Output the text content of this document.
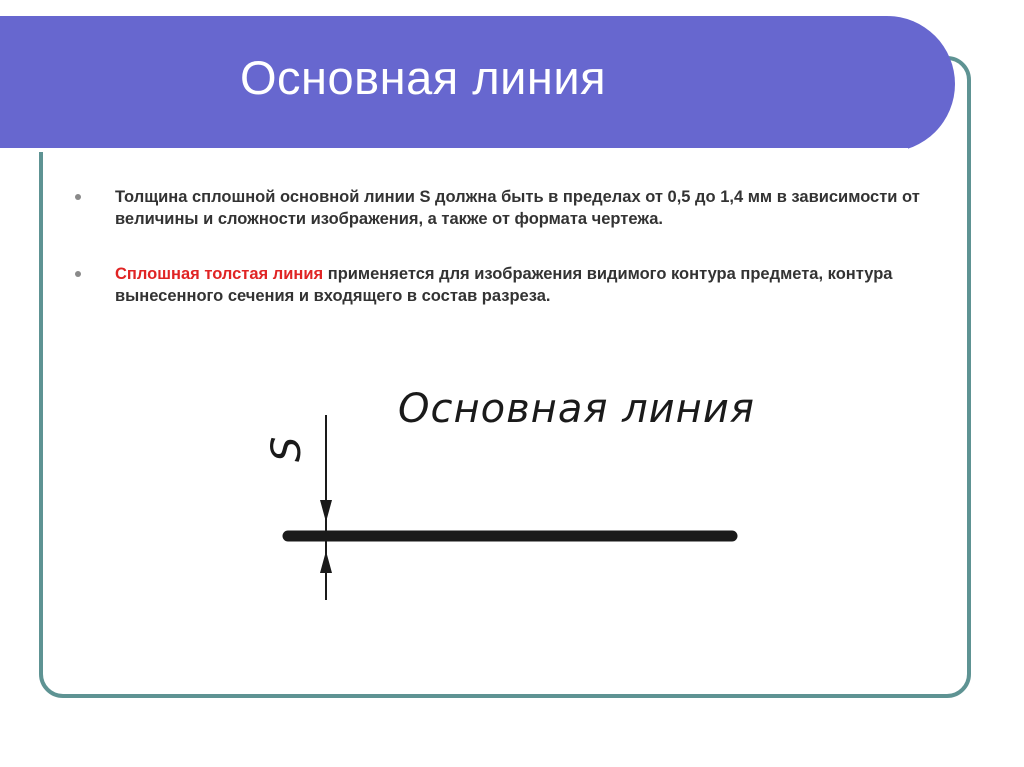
Основная линия
Толщина сплошной основной линии S должна быть в пределах от 0,5 до 1,4 мм в зависимости от величины и сложности изображения, а также от формата чертежа.
Сплошная толстая линия применяется для изображения видимого контура предмета, контура вынесенного сечения и входящего в состав разреза.
Основная линия
S
